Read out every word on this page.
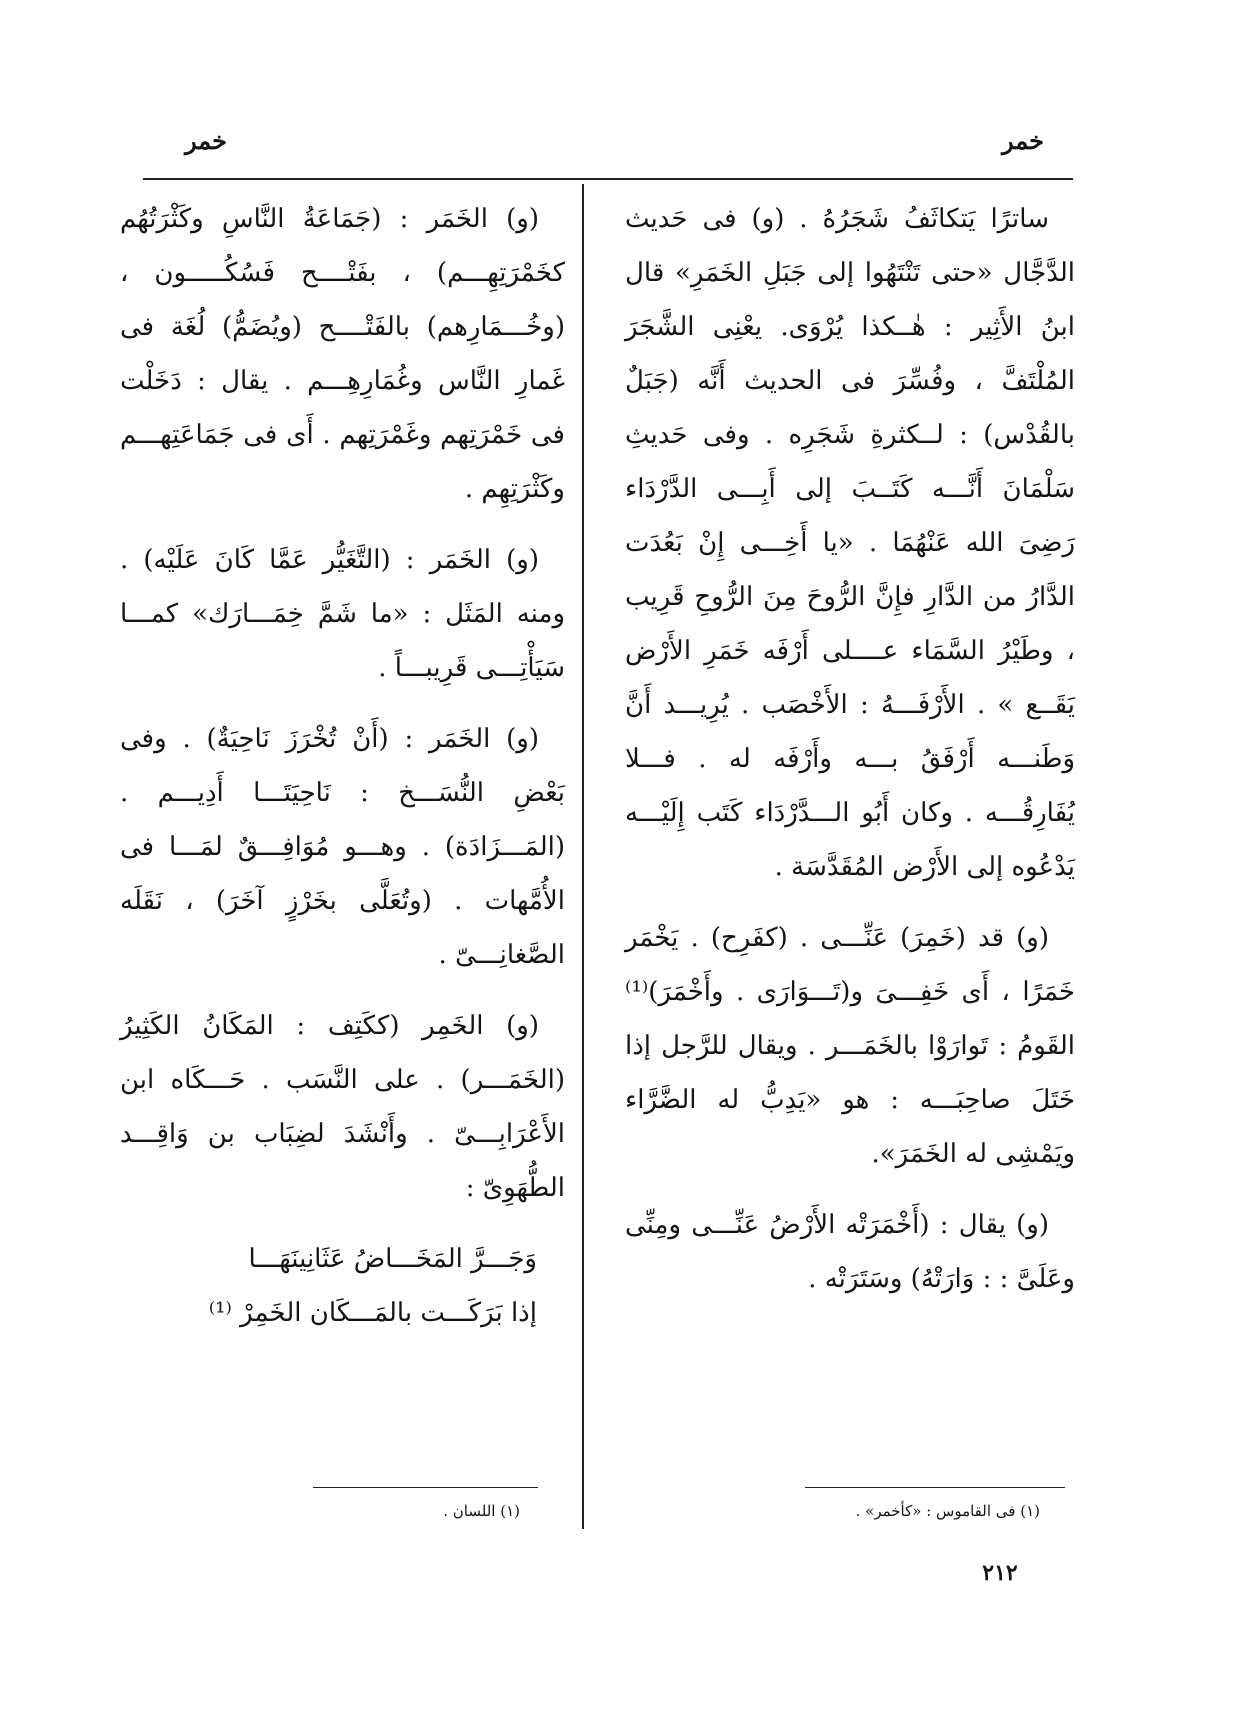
خمر	خمر

ساترًا يَتكاثَفُ شَجَرُهُ . (و) فى حَديث الدَّجَّال «حتى تَنْتَهُوا إلى جَبَلِ الخَمَرِ» قال ابنُ الأَثِير : هٰــكذا يُرْوَى. يعْنِى الشَّجَرَ المُلْتَفَّ ، وفُسِّرَ فى الحديث أَنَّه (جَبَلٌ بالقُدْس) : لــكثرةِ شَجَرِه . وفى حَديثِ سَلْمَانَ أَنَّـــه كَتَــبَ إلى أَبِـــى الدَّرْدَاء رَضِىَ الله عَنْهُمَا . «يا أَخِـــى إِنْ بَعُدَت الدَّارُ من الدَّارِ فإِنَّ الرُّوحَ مِنَ الرُّوحِ قَرِيب ، وطَيْرُ السَّمَاء عــــلى أَرْفَه خَمَرِ الأَرْض يَقَــع » . الأَرْفَـــهُ : الأَخْصَب . يُرِيـــد أَنَّ وَطَنـــه أَرْفَقُ بـــه وأَرْفَه له . فـــلا يُفَارِقُـــه . وكان أَبُو الـــدَّرْدَاء كَتَب إِلَيْـــه يَدْعُوه إلى الأَرْض المُقَدَّسَة .

(و) قد (خَمِرَ) عَنِّـــى . (كفَرِح) . يَخْمَر خَمَرًا ، أَى خَفِـــىَ و(تَـــوَارَى . وأَخْمَرَ)⁽¹⁾ القَومُ : تَوارَوْا بالخَمَـــر . ويقال للرَّجل إذا خَتَلَ صاحِبَـــه : هو «يَدِبُّ له الضَّرَّاء ويَمْشِى له الخَمَرَ».

(و) يقال : (أَخْمَرَتْه الأَرْضُ عَنِّـــى ومِنِّى وعَلَىَّ : : وَارَتْهُ) وسَتَرَتْه .

(و) الخَمَر : (جَمَاعَةُ النَّاسِ وكَثْرَتُهُم كخَمْرَتِهِـــم) ، بفَتْــــح فَسُكُـــــون ، (وخُـــمَارِهم) بالفَتْــــح (ويُضَمُّ) لُغَة فى غَمارِ النَّاس وغُمَارِهِـــم . يقال : دَخَلْت فى خَمْرَتِهم وغَمْرَتِهم . أَى فى جَمَاعَتِهـــم وكَثْرَتِهِم .

(و) الخَمَر : (التَّغَيُّر عَمَّا كَانَ عَلَيْه) . ومنه المَثَل : «ما شَمَّ خِمَـــارَك» كمـــا سَيَأْتِـــى قَرِيبـــاً .

(و) الخَمَر : (أَنْ تُخْرَزَ نَاحِيَةٌ) . وفى بَعْضِ النُّسَـــخ : نَاحِيَتَـــا أَدِيـــم . (المَـــزَادَة) . وهـــو مُوَافِـــقٌ لمَـــا فى الأُمَّهات . (وتُعَلَّى بخَرْزٍ آخَرَ) ، نَقَلَه الصَّغانِـــىّ .

(و) الخَمِر (ككَتِف : المَكَانُ الكَثِيرُ (الخَمَـــر) . على النَّسَب . حَـــكَاه ابن الأَعْرَابِـــىّ . وأَنْشَدَ لضِبَاب بن وَاقِـــد الطُّهَوِىّ :

وَجَـــرَّ المَخَـــاضُ عَثَانِينَهَـــا
إذا بَرَكَـــت بالمَـــكَان الخَمِرْ ⁽¹⁾
(١) فى القاموس : «كأخمر» .
(١) اللسان .
٢١٢
